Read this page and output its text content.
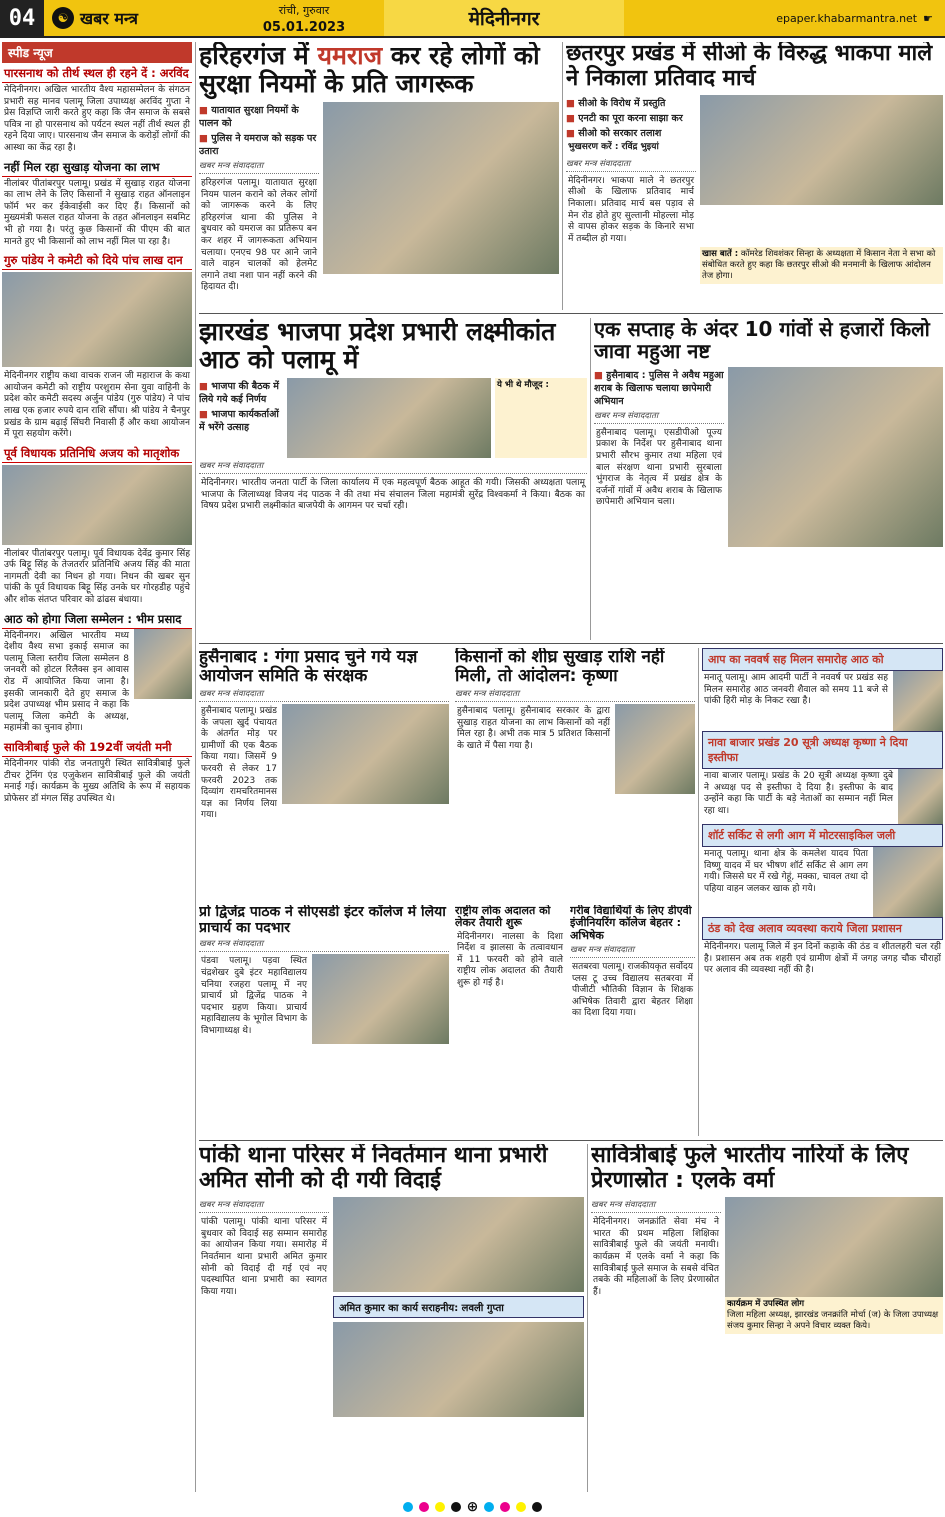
04	☯ खबर मन्त्र	रांची, गुरुवार
05.01.2023	मेदिनीनगर	epaper.khabarmantra.net ☛
स्पीड न्यूज
पारसनाथ को तीर्थ स्थल ही रहने दें : अरविंद
मेदिनीनगर। अखिल भारतीय वैश्य महासम्मेलन के संगठन प्रभारी सह मानव पलामू जिला उपाध्यक्ष अरविंद गुप्ता ने प्रेस विज्ञप्ति जारी करते हुए कहा कि जैन समाज के सबसे पवित्र ना हो पारसनाथ को पर्यटन स्थल नहीं तीर्थ स्थल ही रहने दिया जाए। पारसनाथ जैन समाज के करोड़ों लोगों की आस्था का केंद्र रहा है।
नहीं मिल रहा सुखाड़ योजना का लाभ
नीलांबर पीतांबरपुर पलामू। प्रखंड में सुखाड़ राहत योजना का लाभ लेने के लिए किसानों ने सुखाड़ राहत ऑनलाइन फॉर्म भर कर ईकेवाईसी कर दिए हैं। किसानों को मुख्यमंत्री फसल राहत योजना के तहत ऑनलाइन सबमिट भी हो गया है। परंतु कुछ किसानों की पीएम की बात मानते हुए भी किसानों को लाभ नहीं मिल पा रहा है।
गुरु पांडेय ने कमेटी को दिये पांच लाख दान
मेदिनीनगर राष्ट्रीय कथा वाचक राजन जी महाराज के कथा आयोजन कमेटी को राष्ट्रीय परशुराम सेना युवा वाहिनी के प्रदेश कोर कमेटी सदस्य अर्जुन पांडेय (गुरु पांडेय) ने पांच लाख एक हजार रुपये दान राशि सौंपा। श्री पांडेय ने चैनपुर प्रखंड के ग्राम बढ़ाई सिंघरी निवासी हैं और कथा आयोजन में पूरा सहयोग करेंगे।
पूर्व विधायक प्रतिनिधि अजय को मातृशोक
नीलांबर पीतांबरपुर पलामू। पूर्व विधायक देवेंद्र कुमार सिंह उर्फ बिट्टू सिंह के तेजतर्रार प्रतिनिधि अजय सिंह की माता नागमती देवी का निधन हो गया। निधन की खबर सुन पांकी के पूर्व विधायक बिट्टू सिंह उनके घर गोरहडीह पहुंचे और शोक संतप्त परिवार को ढांढस बंधाया।
आठ को होगा जिला सम्मेलन : भीम प्रसाद
मेदिनीनगर। अखिल भारतीय मध्य देशीय वैश्य सभा इकाई समाज का पलामू जिला स्तरीय जिला सम्मेलन 8 जनवरी को होटल रिलैक्स इन आवास रोड में आयोजित किया जाना है। इसकी जानकारी देते हुए समाज के प्रदेश उपाध्यक्ष भीम प्रसाद ने कहा कि पलामू जिला कमेटी के अध्यक्ष, महामंत्री का चुनाव होगा।
सावित्रीबाई फुले की 192वीं जयंती मनी
मेदिनीनगर पांकी रोड जनतापुरी स्थित सावित्रीबाई फुले टीचर ट्रेनिंग एंड एजुकेशन सावित्रीबाई फुले की जयंती मनाई गई। कार्यक्रम के मुख्य अतिथि के रूप में सहायक प्रोफेसर डॉ मंगल सिंह उपस्थित थे।
हरिहरगंज में यमराज कर रहे लोगों को सुरक्षा नियमों के प्रति जागरूक
■ यातायात सुरक्षा नियमों के पालन को
■ पुलिस ने यमराज को सड़क पर उतारा
खबर मन्त्र संवाददाता
हरिहरगंज पलामू। यातायात सुरक्षा नियम पालन कराने को लेकर लोगों को जागरूक करने के लिए हरिहरगंज थाना की पुलिस ने बुधवार को यमराज का प्रतिरूप बन कर शहर में जागरूकता अभियान चलाया। एनएच 98 पर आने जाने वाले वाहन चालकों को हेलमेट लगाने तथा नशा पान नहीं करने की हिदायत दी।
छतरपुर प्रखंड में सीओ के विरुद्ध भाकपा माले ने निकाला प्रतिवाद मार्च
■ सीओ के विरोध में प्रस्तुति
■ एनटी का पूरा करना साझा कर
■ सीओ को सरकार तलाश
भुखसरण करें : रविंद्र भुइयां
खबर मन्त्र संवाददाता
मेदिनीनगर। भाकपा माले ने छतरपुर सीओ के खिलाफ प्रतिवाद मार्च निकाला। प्रतिवाद मार्च बस पड़ाव से मेन रोड होते हुए सुल्तानी मोहल्ला मोड़ से वापस होकर सड़क के किनारे सभा में तब्दील हो गया।
खास बातें : कॉमरेड शिवशंकर सिन्हा के अध्यक्षता में किसान नेता ने सभा को संबोधित करते हुए कहा कि छतरपुर सीओ की मनमानी के खिलाफ आंदोलन तेज होगा।
झारखंड भाजपा प्रदेश प्रभारी लक्ष्मीकांत आठ को पलामू में
■ भाजपा की बैठक में लिये गये कई निर्णय
■ भाजपा कार्यकर्ताओं में भरेंगे उत्साह
ये भी थे मौजूद :
खबर मन्त्र संवाददाता
मेदिनीनगर। भारतीय जनता पार्टी के जिला कार्यालय में एक महत्वपूर्ण बैठक आहूत की गयी। जिसकी अध्यक्षता पलामू भाजपा के जिलाध्यक्ष विजय नंद पाठक ने की तथा मंच संचालन जिला महामंत्री सुरेंद्र विश्वकर्मा ने किया। बैठक का विषय प्रदेश प्रभारी लक्ष्मीकांत बाजपेयी के आगमन पर चर्चा रही।
एक सप्ताह के अंदर 10 गांवों से हजारों किलो जावा महुआ नष्ट
■ हुसैनाबाद : पुलिस ने अवैध महुआ शराब के खिलाफ चलाया छापेमारी अभियान
खबर मन्त्र संवाददाता
हुसैनाबाद पलामू। एसडीपीओ पूज्य प्रकाश के निर्देश पर हुसैनाबाद थाना प्रभारी सौरभ कुमार तथा महिला एवं बाल संरक्षण थाना प्रभारी सुरबाला भुंगराज के नेतृत्व में प्रखंड क्षेत्र के दर्जनों गांवों में अवैध शराब के खिलाफ छापेमारी अभियान चला।
हुसैनाबाद : गंगा प्रसाद चुने गये यज्ञ आयोजन समिति के संरक्षक
खबर मन्त्र संवाददाता
हुसैनाबाद पलामू। प्रखंड के जपला खुर्द पंचायत के अंतर्गत मोड़ पर ग्रामीणों की एक बैठक किया गया। जिसमें 9 फरवरी से लेकर 17 फरवरी 2023 तक दिव्यांग रामचरितमानस यज्ञ का निर्णय लिया गया।
किसानों को शीघ्र सुखाड़ राशि नहीं मिली, तो आंदोलन: कृष्णा
खबर मन्त्र संवाददाता
हुसैनाबाद पलामू। हुसैनाबाद सरकार के द्वारा सुखाड़ राहत योजना का लाभ किसानों को नहीं मिल रहा है। अभी तक मात्र 5 प्रतिशत किसानों के खाते में पैसा गया है।
प्रो द्विजेंद्र पाठक ने सीएसडी इंटर कॉलेज में लिया प्राचार्य का पदभार
खबर मन्त्र संवाददाता
पंडवा पलामू। पड़वा स्थित चंद्रशेखर दुबे इंटर महाविद्यालय चनिया रजहरा पलामू में नए प्राचार्य प्रो द्विजेंद्र पाठक ने पदभार ग्रहण किया। प्राचार्य महाविद्यालय के भूगोल विभाग के विभागाध्यक्ष थे।
राष्ट्रीय लोक अदालत को लेकर तैयारी शुरू
मेदिनीनगर। नालसा के दिशा निर्देश व झालसा के तत्वावधान में 11 फरवरी को होने वाले राष्ट्रीय लोक अदालत की तैयारी शुरू हो गई है।
गरीब विद्यार्थियों के लिए डीएवी इंजीनियरिंग कॉलेज बेहतर : अभिषेक
खबर मन्त्र संवाददाता
सतबरवा पलामू। राजकीयकृत सर्वोदय प्लस टू उच्च विद्यालय सतबरवा में पीजीटी भौतिकी विज्ञान के शिक्षक अभिषेक तिवारी द्वारा बेहतर शिक्षा का दिशा दिया गया।
आप का नववर्ष सह मिलन समारोह आठ को
मनातू पलामू। आम आदमी पार्टी ने नववर्ष पर प्रखंड सह मिलन समारोह आठ जनवरी शैवाल को समय 11 बजे से पांकी हिरी मोड़ के निकट रखा है।
नावा बाजार प्रखंड 20 सूत्री अध्यक्ष कृष्णा ने दिया इस्तीफा
नावा बाजार पलामू। प्रखंड के 20 सूत्री अध्यक्ष कृष्णा दुबे ने अध्यक्ष पद से इस्तीफा दे दिया है। इस्तीफा के बाद उन्होंने कहा कि पार्टी के बड़े नेताओं का सम्मान नहीं मिल रहा था।
शॉर्ट सर्किट से लगी आग में मोटरसाइकिल जली
मनातू पलामू। थाना क्षेत्र के कमलेश यादव पिता विष्णु यादव में घर भीषण शॉर्ट सर्किट से आग लग गयी। जिससे घर में रखे गेहूं, मक्का, चावल तथा दो पहिया वाहन जलकर खाक हो गये।
ठंड को देख अलाव व्यवस्था कराये जिला प्रशासन
मेदिनीनगर। पलामू जिले में इन दिनों कड़ाके की ठंड व शीतलहरी चल रही है। प्रशासन अब तक शहरी एवं ग्रामीण क्षेत्रों में जगह जगह चौक चौराहों पर अलाव की व्यवस्था नहीं की है।
पांकी थाना परिसर में निवर्तमान थाना प्रभारी अमित सोनी को दी गयी विदाई
खबर मन्त्र संवाददाता
पांकी पलामू। पांकी थाना परिसर में बुधवार को विदाई सह सम्मान समारोह का आयोजन किया गया। समारोह में निवर्तमान थाना प्रभारी अमित कुमार सोनी को विदाई दी गई एवं नए पदस्थापित थाना प्रभारी का स्वागत किया गया।
अमित कुमार का कार्य सराहनीय: लवली गुप्ता
सावित्रीबाई फुले भारतीय नारियों के लिए प्रेरणास्रोत : एलके वर्मा
खबर मन्त्र संवाददाता
मेदिनीनगर। जनक्रांति सेवा मंच ने भारत की प्रथम महिला शिक्षिका सावित्रीबाई फुले की जयंती मनायी। कार्यक्रम में एलके वर्मा ने कहा कि सावित्रीबाई फुले समाज के सबसे वंचित तबके की महिलाओं के लिए प्रेरणास्रोत हैं।
कार्यक्रम में उपस्थित लोग
जिला महिला अध्यक्ष, झारखंड जनक्रांति मोर्चा (ज) के जिला उपाध्यक्ष संजय कुमार सिन्हा ने अपने विचार व्यक्त किये।
⊕
